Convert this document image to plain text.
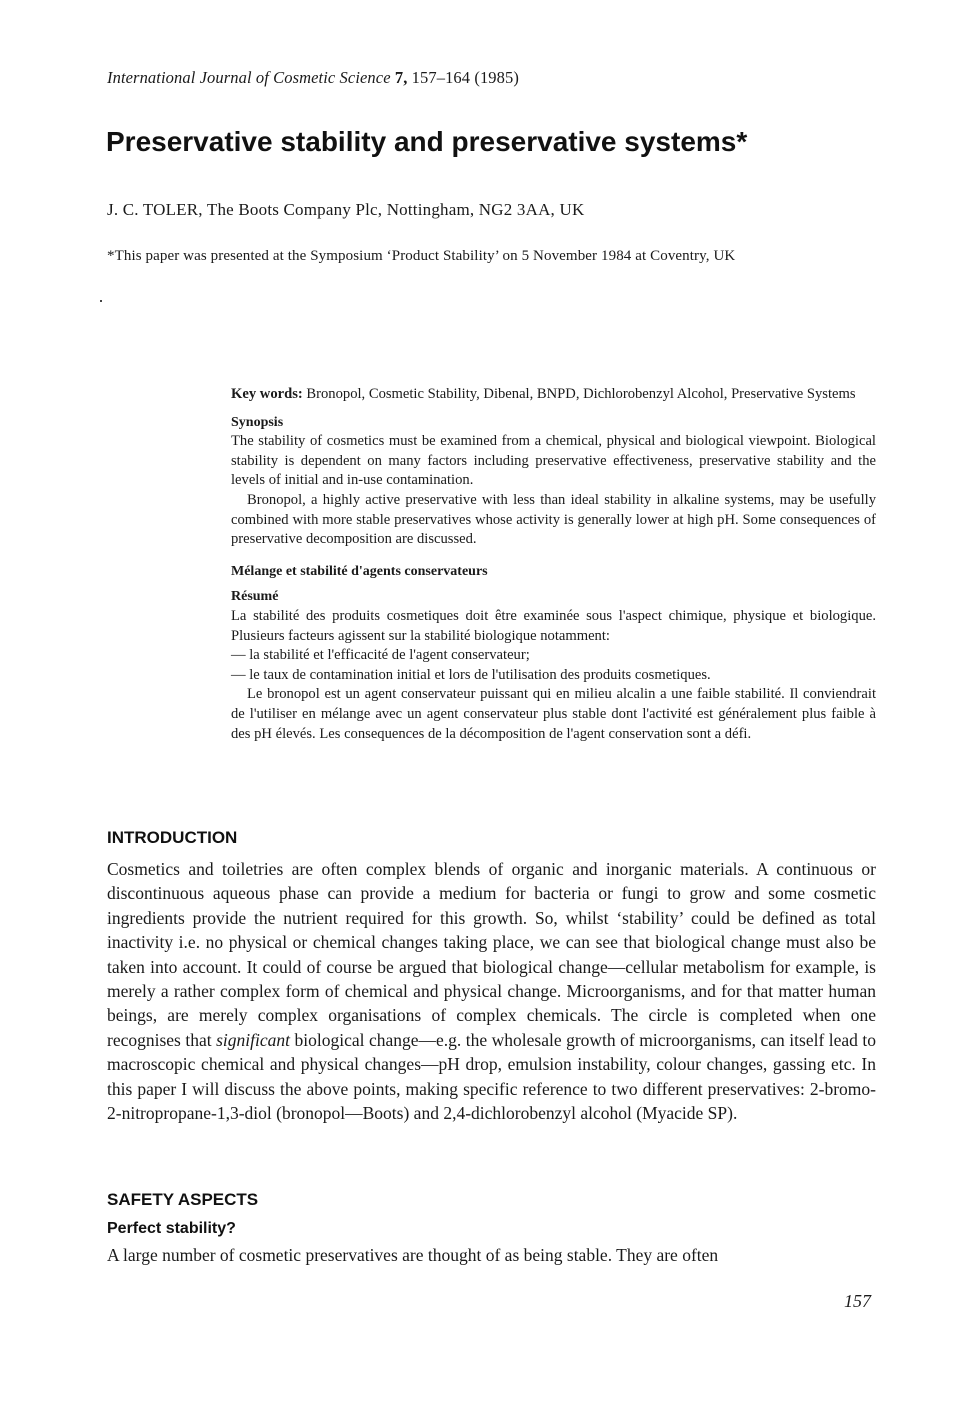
International Journal of Cosmetic Science 7, 157–164 (1985)
Preservative stability and preservative systems*
J. C. TOLER, The Boots Company Plc, Nottingham, NG2 3AA, UK
*This paper was presented at the Symposium ‘Product Stability’ on 5 November 1984 at Coventry, UK

Key words: Bronopol, Cosmetic Stability, Dibenal, BNPD, Dichlorobenzyl Alcohol, Preservative Systems

Synopsis

The stability of cosmetics must be examined from a chemical, physical and biological viewpoint. Biological stability is dependent on many factors including preservative effectiveness, preservative stability and the levels of initial and in-use contamination.

Bronopol, a highly active preservative with less than ideal stability in alkaline systems, may be usefully combined with more stable preservatives whose activity is generally lower at high pH. Some consequences of preservative decomposition are discussed.

Mélange et stabilité d'agents conservateurs

Résumé

La stabilité des produits cosmetiques doit être examinée sous l'aspect chimique, physique et biologique. Plusieurs facteurs agissent sur la stabilité biologique notamment:

— la stabilité et l'efficacité de l'agent conservateur;

— le taux de contamination initial et lors de l'utilisation des produits cosmetiques.

Le bronopol est un agent conservateur puissant qui en milieu alcalin a une faible stabilité. Il conviendrait de l'utiliser en mélange avec un agent conservateur plus stable dont l'activité est généralement plus faible à des pH élevés. Les consequences de la décomposition de l'agent conservation sont a défi.

INTRODUCTION

Cosmetics and toiletries are often complex blends of organic and inorganic materials. A continuous or discontinuous aqueous phase can provide a medium for bacteria or fungi to grow and some cosmetic ingredients provide the nutrient required for this growth. So, whilst ‘stability’ could be defined as total inactivity i.e. no physical or chemical changes taking place, we can see that biological change must also be taken into account. It could of course be argued that biological change—cellular metabolism for example, is merely a rather complex form of chemical and physical change. Microorganisms, and for that matter human beings, are merely complex organisations of complex chemicals. The circle is completed when one recognises that significant biological change—e.g. the wholesale growth of microorganisms, can itself lead to macroscopic chemical and physical changes—pH drop, emulsion instability, colour changes, gassing etc. In this paper I will discuss the above points, making specific reference to two different preservatives: 2-bromo-2-nitropropane-1,3-diol (bronopol—Boots) and 2,4-dichlorobenzyl alcohol (Myacide SP).

SAFETY ASPECTS
Perfect stability?

A large number of cosmetic preservatives are thought of as being stable. They are often

157
